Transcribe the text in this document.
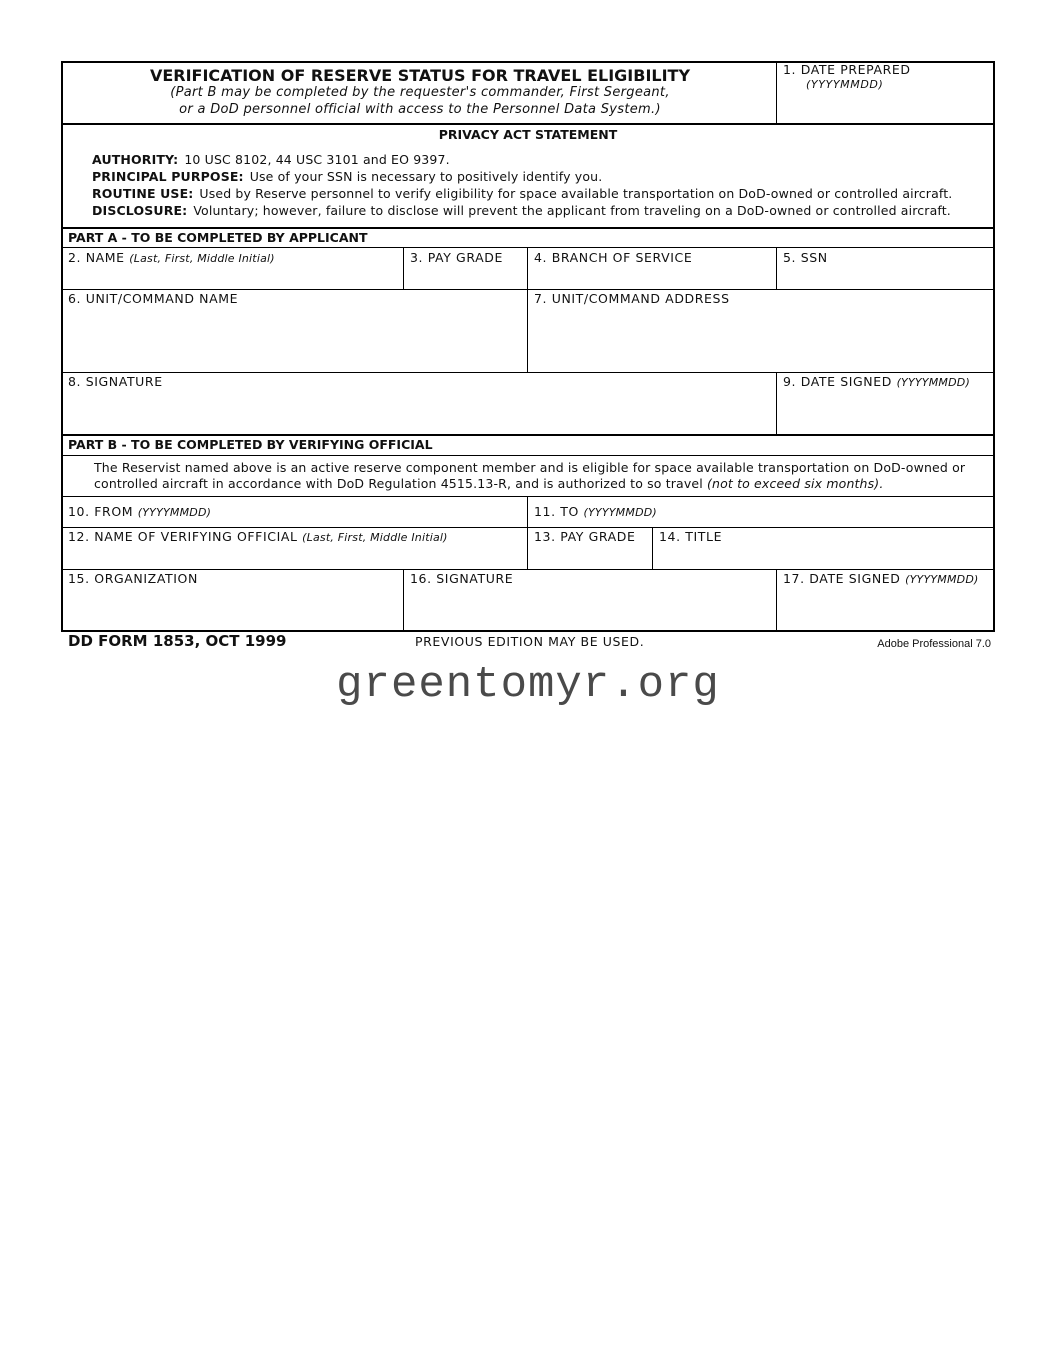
VERIFICATION OF RESERVE STATUS FOR TRAVEL ELIGIBILITY
(Part B may be completed by the requester's commander, First Sergeant,
or a DoD personnel official with access to the Personnel Data System.)
1. DATE PREPARED
(YYYYMMDD)
PRIVACY ACT STATEMENT
AUTHORITY: 10 USC 8102, 44 USC 3101 and EO 9397.
PRINCIPAL PURPOSE: Use of your SSN is necessary to positively identify you.
ROUTINE USE: Used by Reserve personnel to verify eligibility for space available transportation on DoD-owned or controlled aircraft.
DISCLOSURE: Voluntary; however, failure to disclose will prevent the applicant from traveling on a DoD-owned or controlled aircraft.
PART A - TO BE COMPLETED BY APPLICANT
2. NAME (Last, First, Middle Initial)	3. PAY GRADE 4. BRANCH OF SERVICE	5. SSN
6. UNIT/COMMAND NAME	7. UNIT/COMMAND ADDRESS
8. SIGNATURE	9. DATE SIGNED (YYYYMMDD)
PART B - TO BE COMPLETED BY VERIFYING OFFICIAL
The Reservist named above is an active reserve component member and is eligible for space available transportation on DoD-owned or
controlled aircraft in accordance with DoD Regulation 4515.13-R, and is authorized to so travel (not to exceed six months).
10. FROM (YYYYMMDD)	11. TO (YYYYMMDD)
12. NAME OF VERIFYING OFFICIAL (Last, First, Middle Initial)	13. PAY GRADE 14. TITLE
15. ORGANIZATION	16. SIGNATURE	17. DATE SIGNED (YYYYMMDD)
DD FORM 1853, OCT 1999	PREVIOUS EDITION MAY BE USED.	Adobe Professional 7.0
greentomyr.org
